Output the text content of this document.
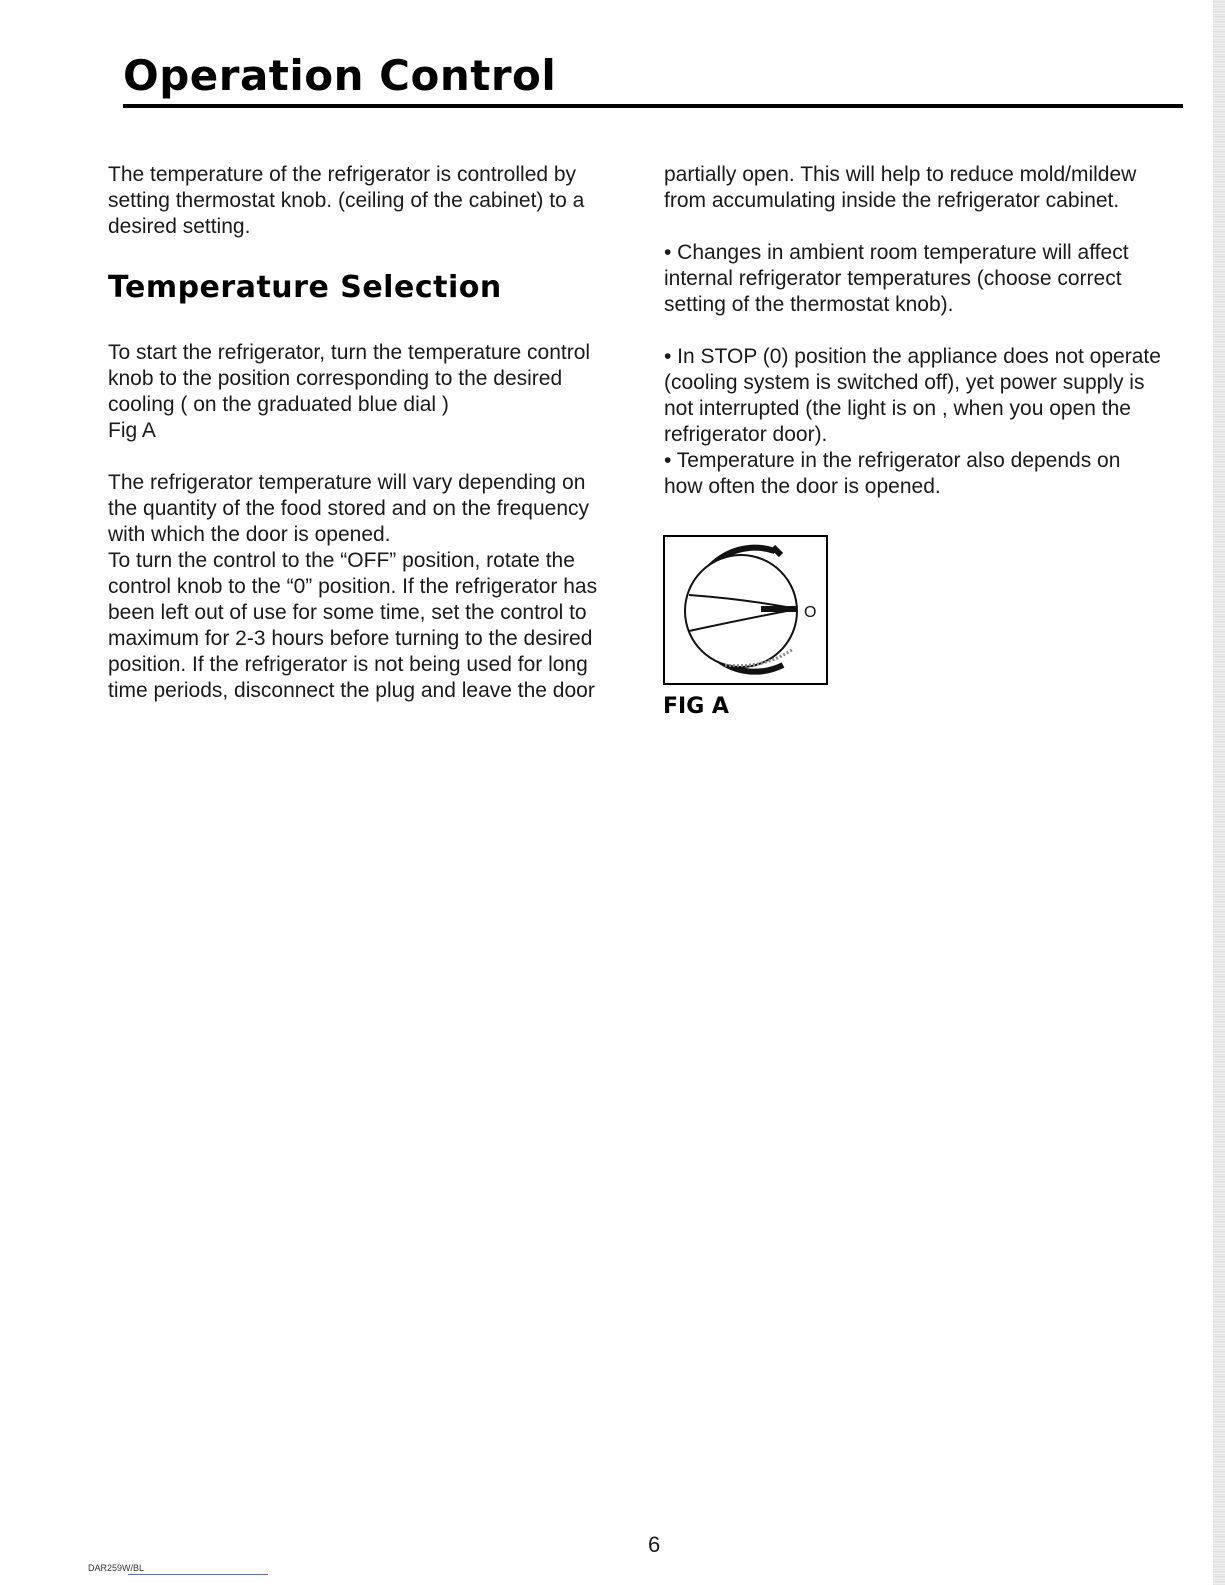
Operation Control

The temperature of the refrigerator is controlled by
setting thermostat knob. (ceiling of the cabinet) to a
desired setting.

Temperature Selection

To start the refrigerator, turn the temperature control
knob to the position corresponding to the desired
cooling ( on the graduated blue dial )
Fig A

The refrigerator temperature will vary depending on
the quantity of the food stored and on the frequency
with which the door is opened.
To turn the control to the “OFF” position, rotate the
control knob to the “0” position. If the refrigerator has
been left out of use for some time, set the control to
maximum for 2-3 hours before turning to the desired
position. If the refrigerator is not being used for long
time periods, disconnect the plug and leave the door

partially open. This will help to reduce mold/mildew
from accumulating inside the refrigerator cabinet.

• Changes in ambient room temperature will affect
internal refrigerator temperatures (choose correct
setting of the thermostat knob).

• In STOP (0) position the appliance does not operate
(cooling system is switched off), yet power supply is
not interrupted (the light is on , when you open the
refrigerator door).

• Temperature in the refrigerator also depends on
how often the door is opened.

O
FIG A
6
DAR259W/BL
